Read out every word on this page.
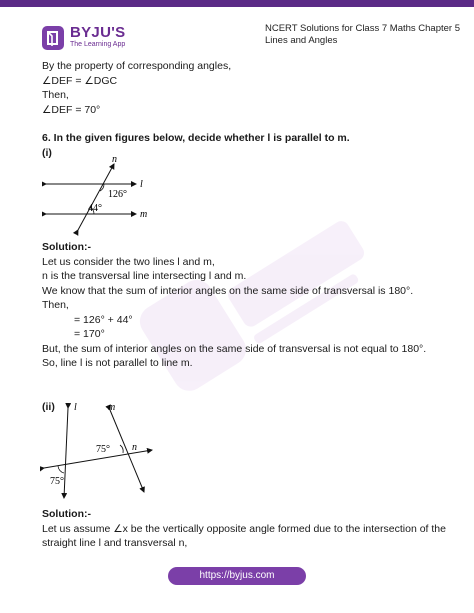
BYJU'S
The Learning App
NCERT Solutions for Class 7 Maths Chapter 5
Lines and Angles
By the property of corresponding angles,
∠DEF = ∠DGC
Then,
∠DEF = 70°
6. In the given figures below, decide whether l is parallel to m.
(i)
n
l
m
126°
44°
Solution:-
Let us consider the two lines l and m,
n is the transversal line intersecting l and m.
We know that the sum of interior angles on the same side of transversal is 180°.
Then,
= 126° + 44°
= 170°
But, the sum of interior angles on the same side of transversal is not equal to 180°.
So, line l is not parallel to line m.
(ii)	l	m
n
75°
75°
Solution:-
Let us assume ∠x be the vertically opposite angle formed due to the intersection of the
straight line l and transversal n,
https://byjus.com
